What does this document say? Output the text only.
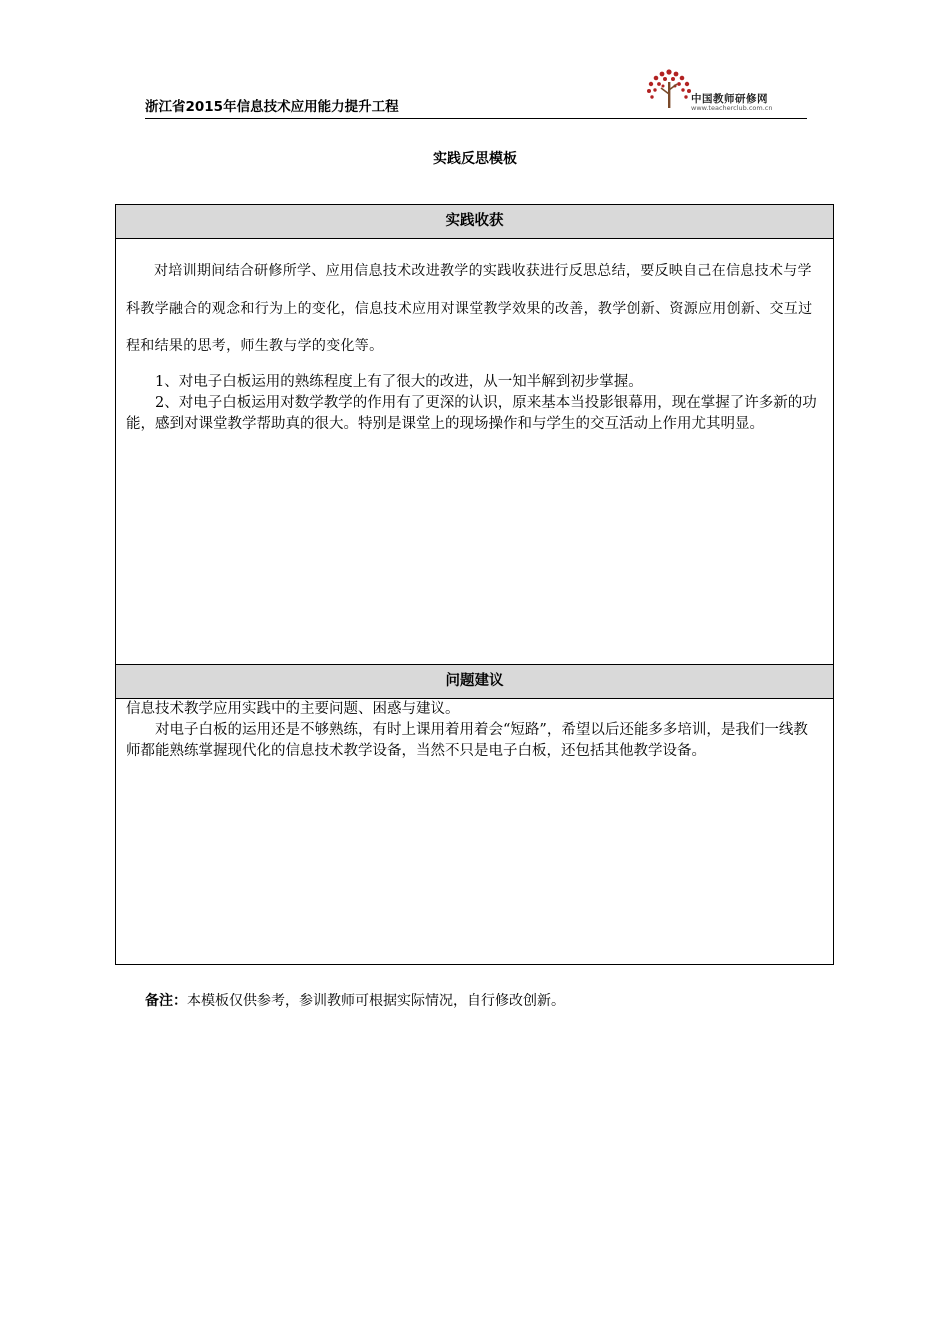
浙江省2015年信息技术应用能力提升工程	中国教师研修网
www.teacherclub.com.cn
实践反思模板
实践收获

对培训期间结合研修所学、应用信息技术改进教学的实践收获进行反思总结，要反映自己在信息技术与学科教学融合的观念和行为上的变化，信息技术应用对课堂教学效果的改善，教学创新、资源应用创新、交互过程和结果的思考，师生教与学的变化等。

1、对电子白板运用的熟练程度上有了很大的改进，从一知半解到初步掌握。

2、对电子白板运用对数学教学的作用有了更深的认识，原来基本当投影银幕用，现在掌握了许多新的功能，感到对课堂教学帮助真的很大。特别是课堂上的现场操作和与学生的交互活动上作用尤其明显。

问题建议

信息技术教学应用实践中的主要问题、困惑与建议。

对电子白板的运用还是不够熟练，有时上课用着用着会“短路”，希望以后还能多多培训，是我们一线教师都能熟练掌握现代化的信息技术教学设备，当然不只是电子白板，还包括其他教学设备。

备注：本模板仅供参考，参训教师可根据实际情况，自行修改创新。
